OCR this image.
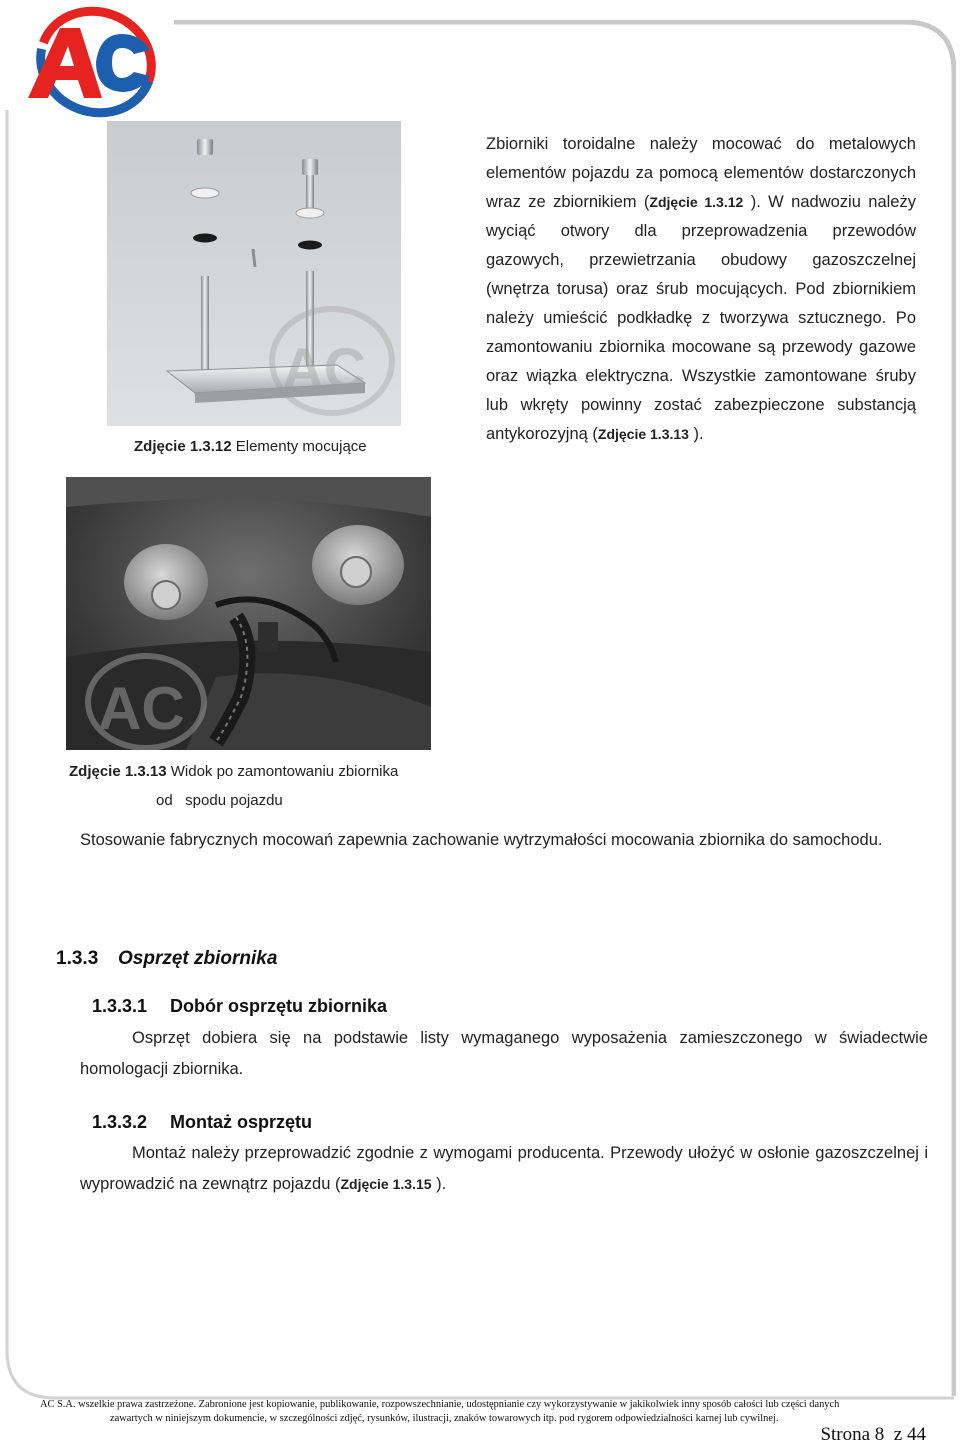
AC
Zdjęcie 1.3.12 Elementy mocujące

Zbiorniki toroidalne należy mocować do metalowych elementów pojazdu za pomocą elementów dostarczonych wraz ze zbiornikiem (Zdjęcie 1.3.12 ). W nadwoziu należy wyciąć otwory dla przeprowadzenia przewodów gazowych, przewietrzania obudowy gazoszczelnej (wnętrza torusa) oraz śrub mocujących. Pod zbiornikiem należy umieścić podkładkę z tworzywa sztucznego. Po zamontowaniu zbiornika mocowane są przewody gazowe oraz wiązka elektryczna. Wszystkie zamontowane śruby lub wkręty powinny zostać zabezpieczone substancją antykorozyjną (Zdjęcie 1.3.13 ).

AC
Zdjęcie 1.3.13 Widok po zamontowaniu zbiornika
od   spodu pojazdu

Stosowanie fabrycznych mocowań zapewnia zachowanie wytrzymałości mocowania zbiornika do samochodu.

1.3.3 Osprzęt zbiornika
1.3.3.1 Dobór osprzętu zbiornika

Osprzęt dobiera się na podstawie listy wymaganego wyposażenia zamieszczonego w świadectwie homologacji zbiornika.

1.3.3.2 Montaż osprzętu

Montaż należy przeprowadzić zgodnie z wymogami producenta. Przewody ułożyć w osłonie gazoszczelnej i wyprowadzić na zewnątrz pojazdu (Zdjęcie 1.3.15 ).

AC S.A. wszelkie prawa zastrzeżone. Zabronione jest kopiowanie, publikowanie, rozpowszechnianie, udostępnianie czy wykorzystywanie w jakikolwiek inny sposób całości lub części danych
zawartych w niniejszym dokumencie, w szczególności zdjęć, rysunków, ilustracji, znaków towarowych itp. pod rygorem odpowiedzialności karnej lub cywilnej.
Strona 8  z 44
